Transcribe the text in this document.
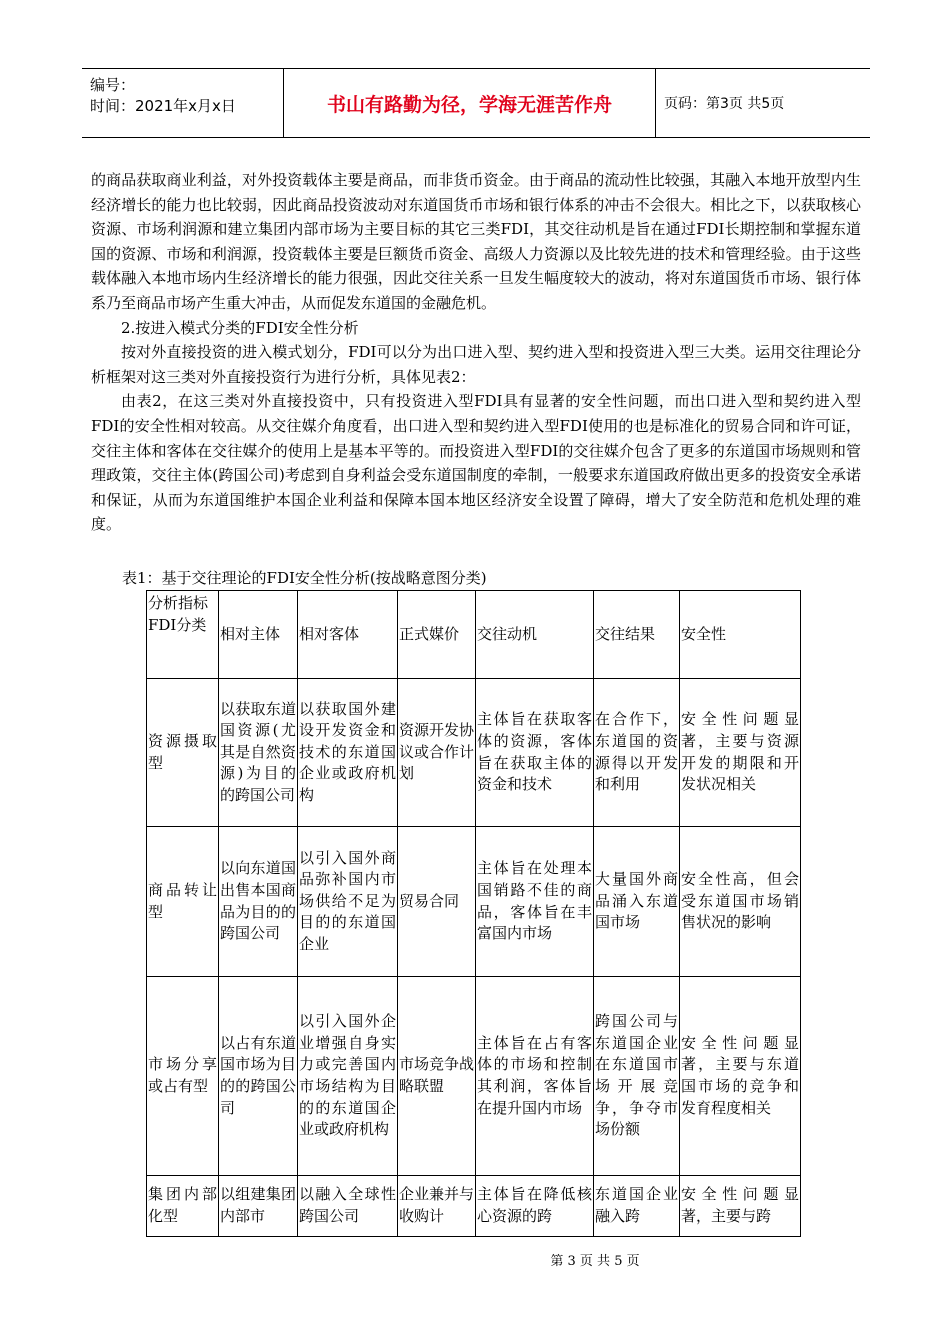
编号：
时间：2021年x月x日	书山有路勤为径，学海无涯苦作舟	页码：第3页 共5页

的商品获取商业利益，对外投资载体主要是商品，而非货币资金。由于商品的流动性比较强，其融入本地开放型内生经济增长的能力也比较弱，因此商品投资波动对东道国货币市场和银行体系的冲击不会很大。相比之下，以获取核心资源、市场利润源和建立集团内部市场为主要目标的其它三类FDI，其交往动机是旨在通过FDI长期控制和掌握东道国的资源、市场和利润源，投资载体主要是巨额货币资金、高级人力资源以及比较先进的技术和管理经验。由于这些载体融入本地市场内生经济增长的能力很强，因此交往关系一旦发生幅度较大的波动，将对东道国货币市场、银行体系乃至商品市场产生重大冲击，从而促发东道国的金融危机。

2.按进入模式分类的FDI安全性分析

按对外直接投资的进入模式划分，FDI可以分为出口进入型、契约进入型和投资进入型三大类。运用交往理论分析框架对这三类对外直接投资行为进行分析，具体见表2：

由表2，在这三类对外直接投资中，只有投资进入型FDI具有显著的安全性问题，而出口进入型和契约进入型FDI的安全性相对较高。从交往媒介角度看，出口进入型和契约进入型FDI使用的也是标准化的贸易合同和许可证，交往主体和客体在交往媒介的使用上是基本平等的。而投资进入型FDI的交往媒介包含了更多的东道国市场规则和管理政策，交往主体(跨国公司)考虑到自身利益会受东道国制度的牵制，一般要求东道国政府做出更多的投资安全承诺和保证，从而为东道国维护本国企业利益和保障本国本地区经济安全设置了障碍，增大了安全防范和危机处理的难度。

表1：基于交往理论的FDI安全性分析(按战略意图分类)
分析指标
FDI分类	相对主体	相对客体	正式媒价	交往动机	交往结果	安全性
资源摄取型	以获取东道国资源(尤其是自然资源)为目的的跨国公司	以获取国外建设开发资金和技术的东道国企业或政府机构	资源开发协议或合作计划	主体旨在获取客体的资源，客体旨在获取主体的资金和技术	在合作下，东道国的资源得以开发和利用	安全性问题显著，主要与资源开发的期限和开发状况相关
商品转让型	以向东道国出售本国商品为目的的跨国公司	以引入国外商品弥补国内市场供给不足为目的的东道国企业	贸易合同	主体旨在处理本国销路不佳的商品，客体旨在丰富国内市场	大量国外商品涌入东道国市场	安全性高，但会受东道国市场销售状况的影响
市场分享或占有型	以占有东道国市场为目的的跨国公司	以引入国外企业增强自身实力或完善国内市场结构为目的的东道国企业或政府机构	市场竞争战略联盟	主体旨在占有客体的市场和控制其利润，客体旨在提升国内市场	跨国公司与东道国企业在东道国市场开展竞争，争夺市场份额	安全性问题显著，主要与东道国市场的竞争和发育程度相关
集团内部化型	以组建集团内部市	以融入全球性跨国公司	企业兼并与收购计	主体旨在降低核心资源的跨	东道国企业融入跨	安全性问题显著，主要与跨
第 3 页 共 5 页
